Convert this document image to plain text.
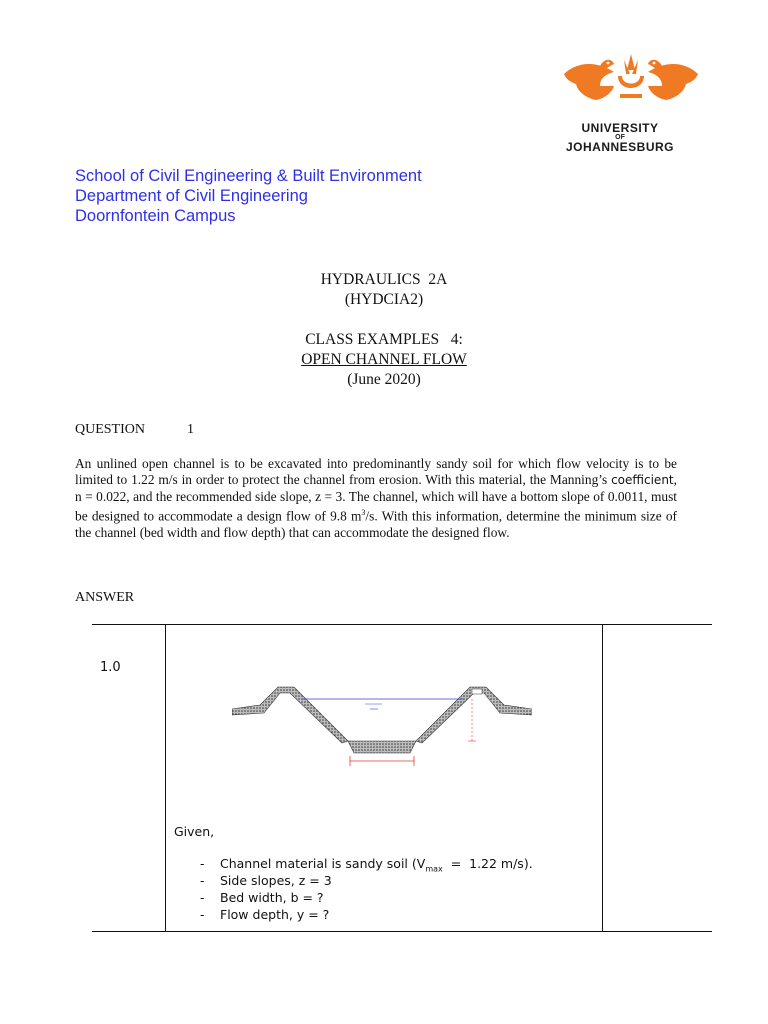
UNIVERSITY
OF
JOHANNESBURG
School of Civil Engineering & Built Environment
Department of Civil Engineering
Doornfontein Campus
HYDRAULICS  2A
(HYDCIA2)
CLASS EXAMPLES   4:
OPEN CHANNEL FLOW
(June 2020)
QUESTION	1
An unlined open channel is to be excavated into predominantly sandy soil for which flow velocity is to be limited to 1.22 m/s in order to protect the channel from erosion. With this material, the Manning’s coefficient, n = 0.022, and the recommended side slope, z = 3. The channel, which will have a bottom slope of 0.0011, must be designed to accommodate a design flow of 9.8 $m^3/s$. With this information, determine the minimum size of the channel (bed width and flow depth) that can accommodate the designed flow.
ANSWER
1.0
Given,
- Channel material is sandy soil ($V_{max} = 1.22$ m/s).
- Side slopes, z = 3
- Bed width, b = ?
- Flow depth, y = ?
